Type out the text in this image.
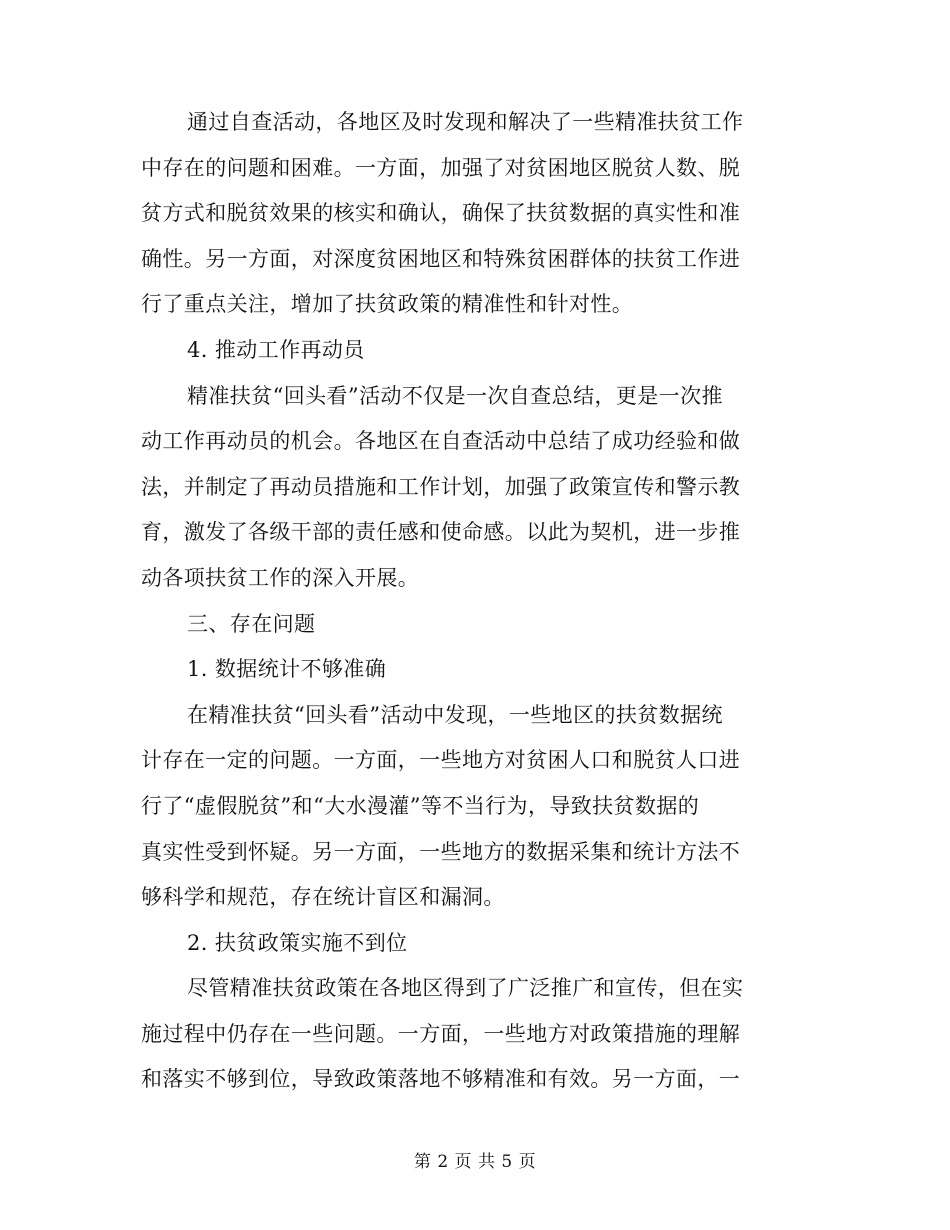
通过自查活动，各地区及时发现和解决了一些精准扶贫工作
中存在的问题和困难。一方面，加强了对贫困地区脱贫人数、脱
贫方式和脱贫效果的核实和确认，确保了扶贫数据的真实性和准
确性。另一方面，对深度贫困地区和特殊贫困群体的扶贫工作进
行了重点关注，增加了扶贫政策的精准性和针对性。
4. 推动工作再动员
精准扶贫“回头看”活动不仅是一次自查总结，更是一次推
动工作再动员的机会。各地区在自查活动中总结了成功经验和做
法，并制定了再动员措施和工作计划，加强了政策宣传和警示教
育，激发了各级干部的责任感和使命感。以此为契机，进一步推
动各项扶贫工作的深入开展。
三、存在问题
1. 数据统计不够准确
在精准扶贫“回头看”活动中发现，一些地区的扶贫数据统
计存在一定的问题。一方面，一些地方对贫困人口和脱贫人口进
行了“虚假脱贫”和“大水漫灌”等不当行为，导致扶贫数据的
真实性受到怀疑。另一方面，一些地方的数据采集和统计方法不
够科学和规范，存在统计盲区和漏洞。
2. 扶贫政策实施不到位
尽管精准扶贫政策在各地区得到了广泛推广和宣传，但在实
施过程中仍存在一些问题。一方面，一些地方对政策措施的理解
和落实不够到位，导致政策落地不够精准和有效。另一方面，一
第 2 页 共 5 页
